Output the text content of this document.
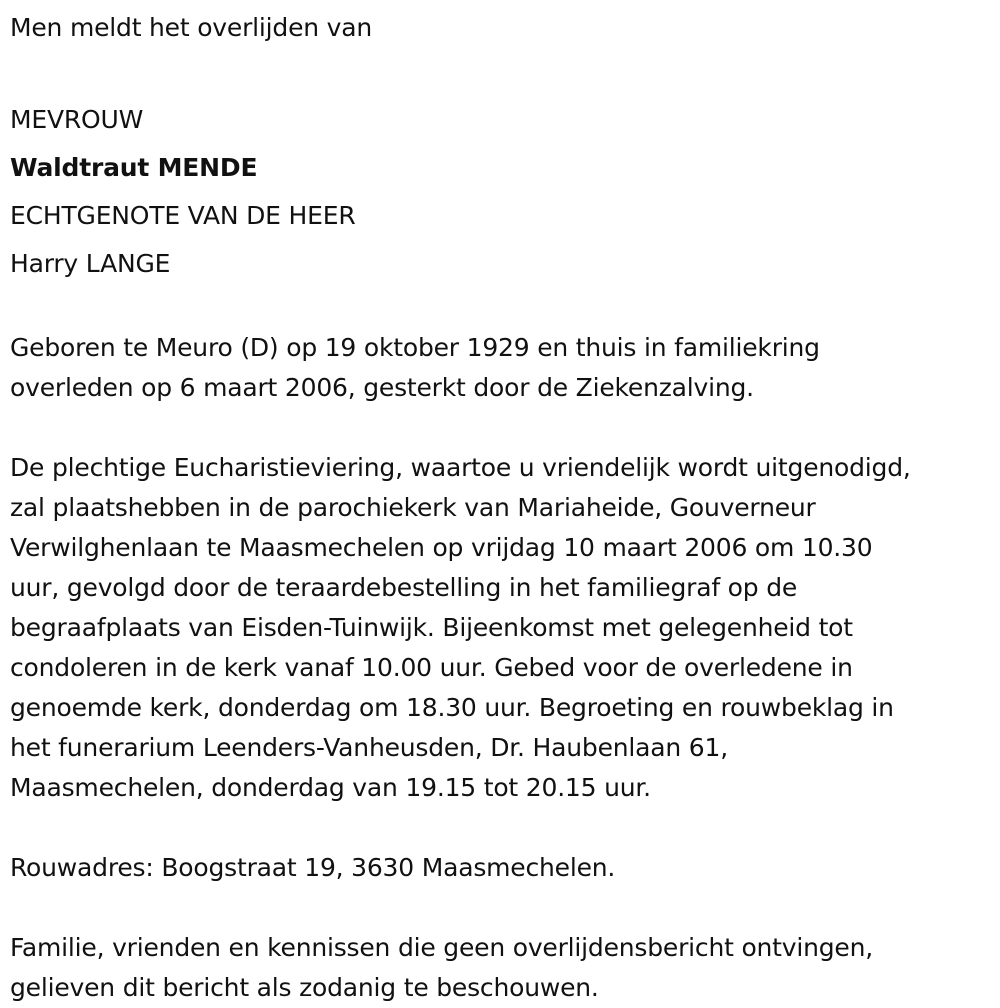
Men meldt het overlijden van
MEVROUW
Waldtraut MENDE
ECHTGENOTE VAN DE HEER
Harry LANGE
Geboren te Meuro (D) op 19 oktober 1929 en thuis in familiekring
overleden op 6 maart 2006, gesterkt door de Ziekenzalving.
De plechtige Eucharistieviering, waartoe u vriendelijk wordt uitgenodigd,
zal plaatshebben in de parochiekerk van Mariaheide, Gouverneur
Verwilghenlaan te Maasmechelen op vrijdag 10 maart 2006 om 10.30
uur, gevolgd door de teraardebestelling in het familiegraf op de
begraafplaats van Eisden-Tuinwijk. Bijeenkomst met gelegenheid tot
condoleren in de kerk vanaf 10.00 uur. Gebed voor de overledene in
genoemde kerk, donderdag om 18.30 uur. Begroeting en rouwbeklag in
het funerarium Leenders-Vanheusden, Dr. Haubenlaan 61,
Maasmechelen, donderdag van 19.15 tot 20.15 uur.
Rouwadres: Boogstraat 19, 3630 Maasmechelen.
Familie, vrienden en kennissen die geen overlijdensbericht ontvingen,
gelieven dit bericht als zodanig te beschouwen.
